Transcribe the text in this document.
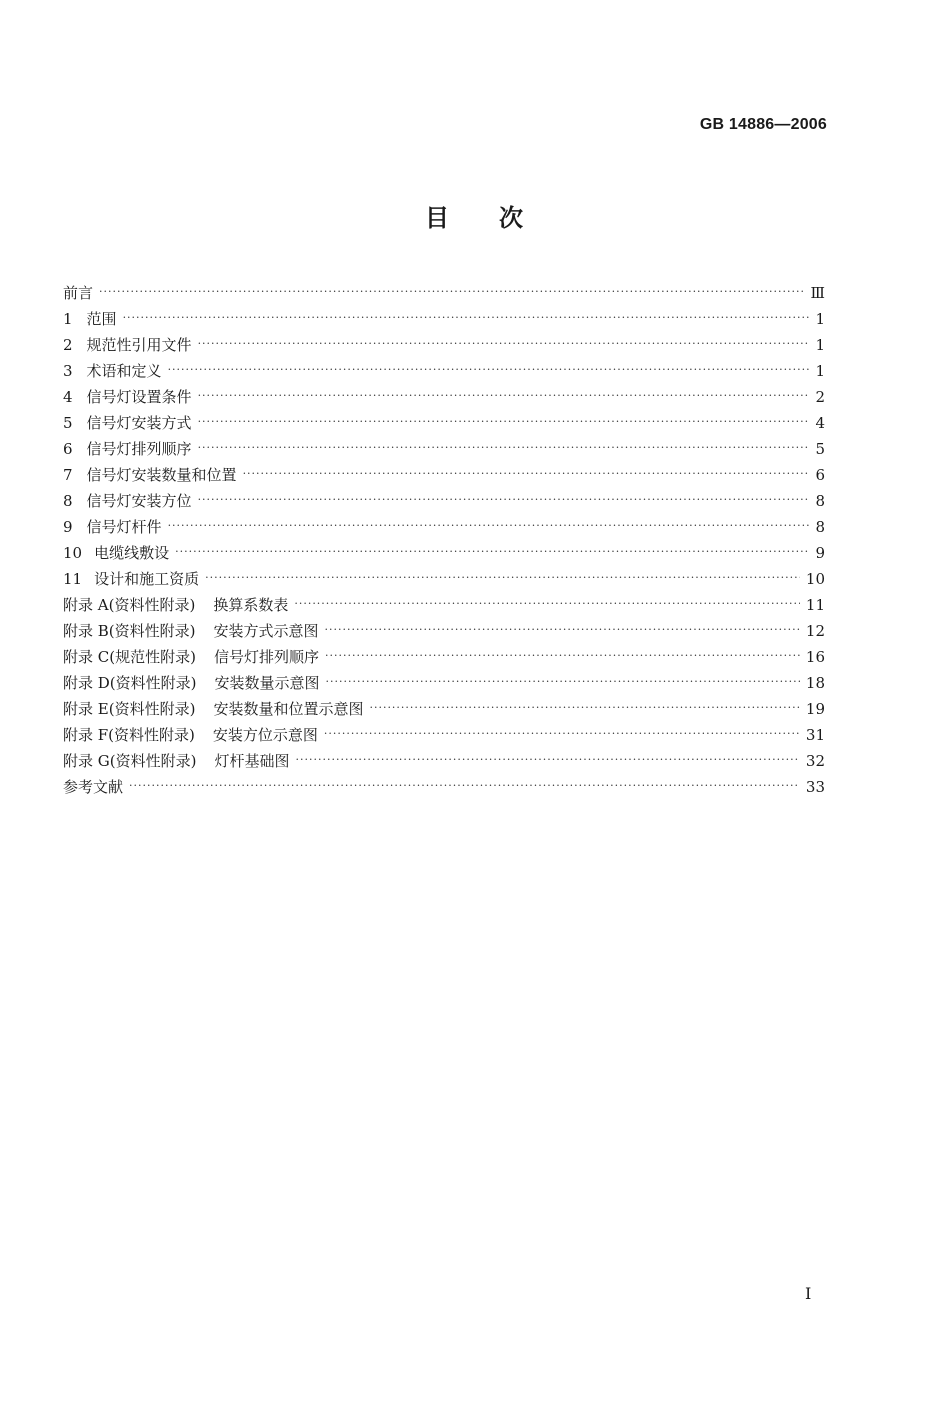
GB 14886—2006
目 次
前言 ·····	Ⅲ
1 范围 ·····	1
2 规范性引用文件 ·····	1
3 术语和定义 ·····	1
4 信号灯设置条件 ·····	2
5 信号灯安装方式 ·····	4
6 信号灯排列顺序 ·····	5
7 信号灯安装数量和位置 ·····	6
8 信号灯安装方位 ·····	8
9 信号灯杆件 ·····	8
10 电缆线敷设 ·····	9
11 设计和施工资质 ·····	10
附录 A(资料性附录) 换算系数表 ·····	11
附录 B(资料性附录) 安装方式示意图 ·····	12
附录 C(规范性附录) 信号灯排列顺序 ·····	16
附录 D(资料性附录) 安装数量示意图 ·····	18
附录 E(资料性附录) 安装数量和位置示意图 ·····	19
附录 F(资料性附录) 安装方位示意图 ·····	31
附录 G(资料性附录) 灯杆基础图 ·····	32
参考文献 ·····	33
I
